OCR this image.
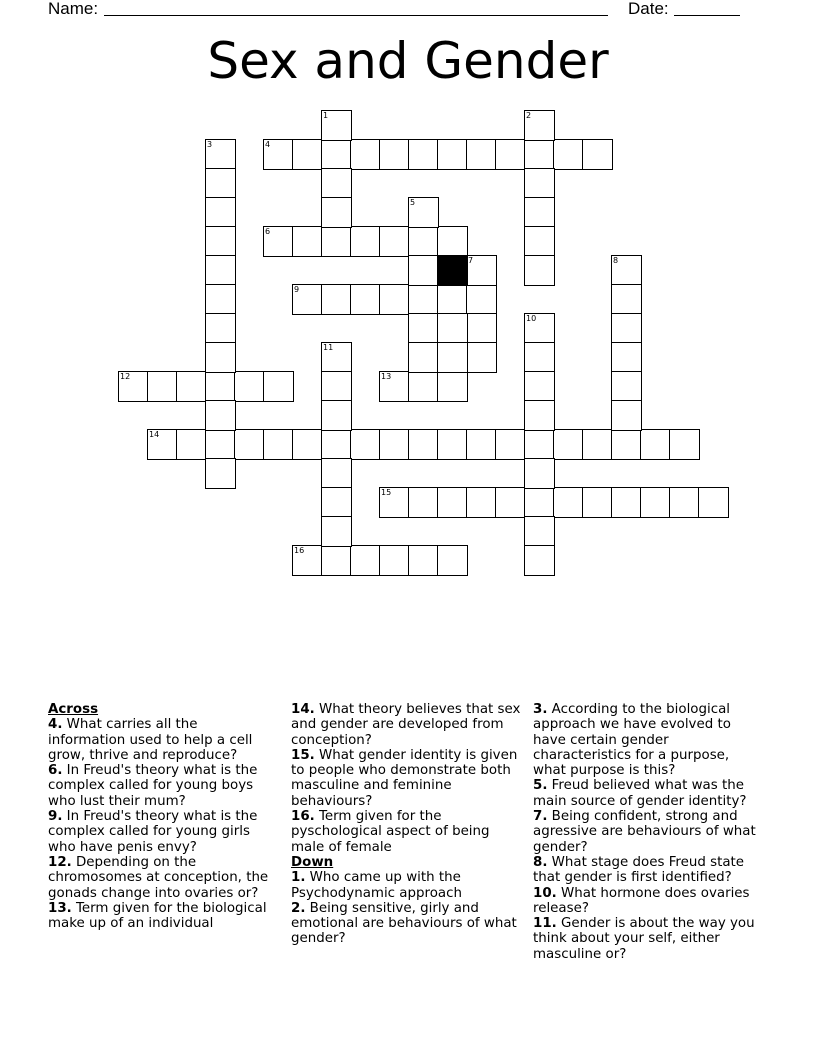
Name:	Date:
Sex and Gender
4
6
9
12	13
14
15
16
1	2
3
5
7	8
10
11
Across
4. What carries all the information used to help a cell grow, thrive and reproduce?
6. In Freud's theory what is the complex called for young boys who lust their mum?
9. In Freud's theory what is the complex called for young girls who have penis envy?
12. Depending on the chromosomes at conception, the gonads change into ovaries or?
13. Term given for the biological make up of an individual
14. What theory believes that sex and gender are developed from conception?
15. What gender identity is given to people who demonstrate both masculine and feminine behaviours?
16. Term given for the pyschological aspect of being male of female
Down
1. Who came up with the Psychodynamic approach
2. Being sensitive, girly and emotional are behaviours of what gender?
3. According to the biological approach we have evolved to have certain gender characteristics for a purpose, what purpose is this?
5. Freud believed what was the main source of gender identity?
7. Being confident, strong and agressive are behaviours of what gender?
8. What stage does Freud state that gender is first identified?
10. What hormone does ovaries release?
11. Gender is about the way you think about your self, either masculine or?
